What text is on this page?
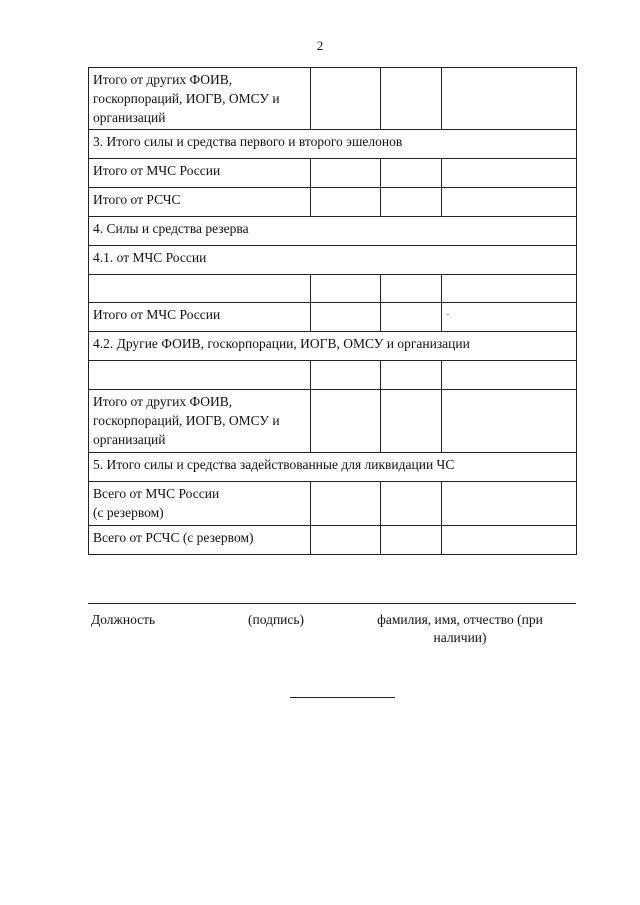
2
Итого от других ФОИВ,
госкорпораций, ИОГВ, ОМСУ и
организаций			
3. Итого силы и средства первого и второго эшелонов			
Итого от МЧС России			
Итого от РСЧС			
4. Силы и средства резерва			
4.1. от МЧС России			

Итого от МЧС России			-
4.2. Другие ФОИВ, госкорпорации, ИОГВ, ОМСУ и организации			

Итого от других ФОИВ,
госкорпораций, ИОГВ, ОМСУ и
организаций			
5. Итого силы и средства задействованные для ликвидации ЧС			
Всего от МЧС России
(с резервом)			
Всего от РСЧС (с резервом)			
Должность	(подпись)	фамилия, имя, отчество (при наличии)
